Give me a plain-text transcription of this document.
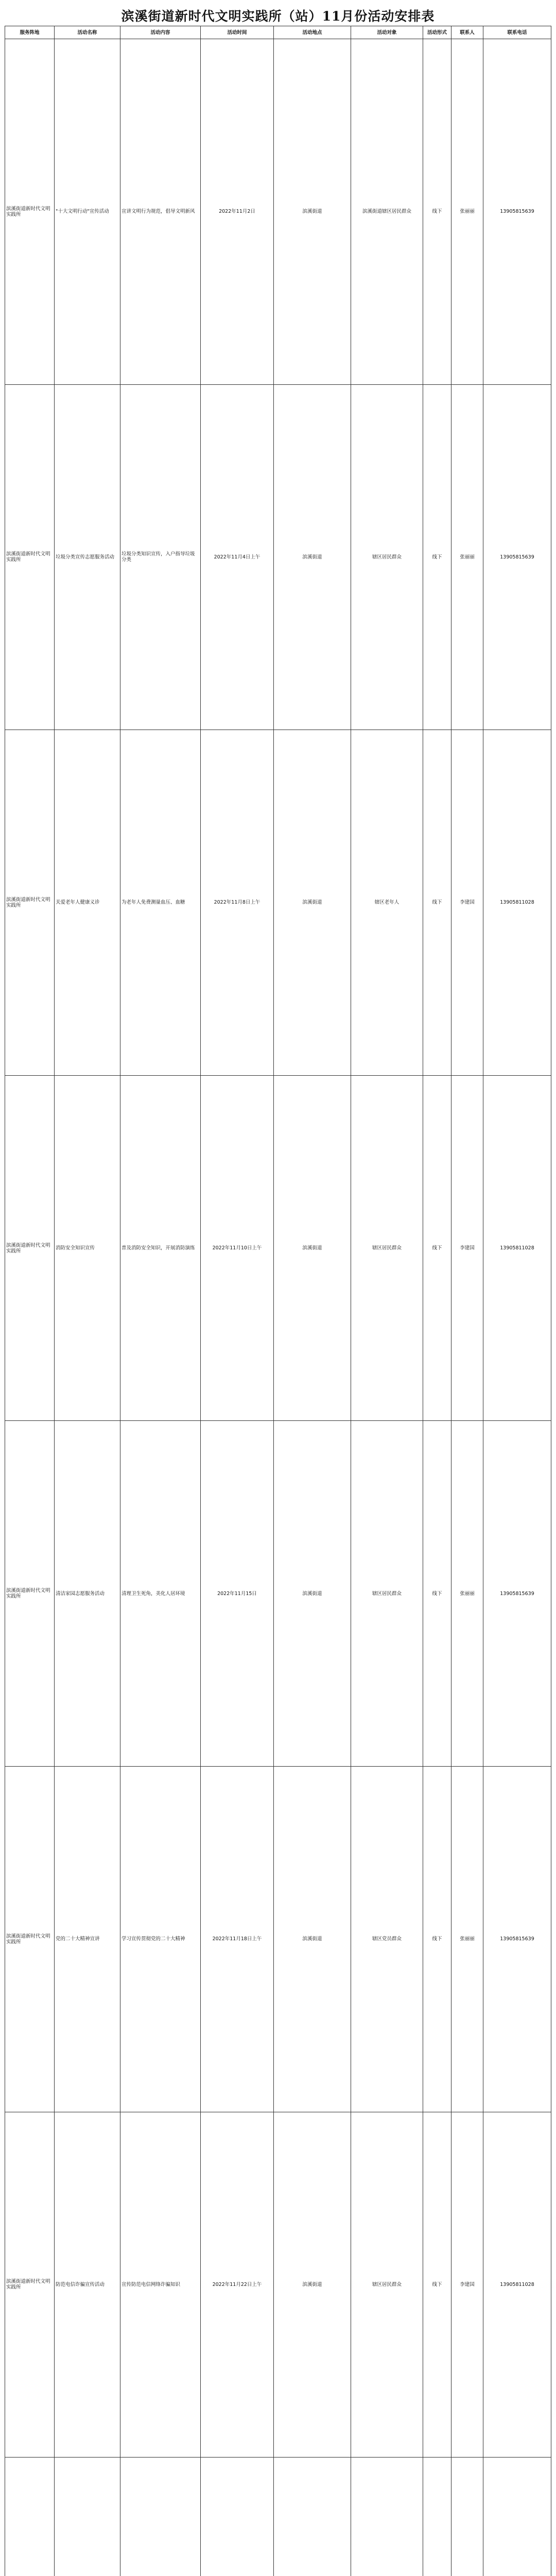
滨溪街道新时代文明实践所（站）11月份活动安排表
服务阵地	活动名称	活动内容	活动时间	活动地点	活动对象	活动形式	联系人	联系电话
滨溪街道新时代文明实践所	"十大文明行动"宣传活动	宣讲文明行为规范，倡导文明新风	2022年11月2日	滨溪街道	滨溪街道辖区居民群众	线下	张丽丽	13905815639
滨溪街道新时代文明实践所	垃圾分类宣传志愿服务活动	垃圾分类知识宣传，入户指导垃圾分类	2022年11月4日上午	滨溪街道	辖区居民群众	线下	张丽丽	13905815639
滨溪街道新时代文明实践所	关爱老年人健康义诊	为老年人免费测量血压、血糖	2022年11月8日上午	滨溪街道	辖区老年人	线下	李建国	13905811028
滨溪街道新时代文明实践所	消防安全知识宣传	普及消防安全知识，开展消防演练	2022年11月10日上午	滨溪街道	辖区居民群众	线下	李建国	13905811028
滨溪街道新时代文明实践所	清洁家园志愿服务活动	清理卫生死角，美化人居环境	2022年11月15日	滨溪街道	辖区居民群众	线下	张丽丽	13905815639
滨溪街道新时代文明实践所	党的二十大精神宣讲	学习宣传贯彻党的二十大精神	2022年11月18日上午	滨溪街道	辖区党员群众	线下	张丽丽	13905815639
滨溪街道新时代文明实践所	防范电信诈骗宣传活动	宣传防范电信网络诈骗知识	2022年11月22日上午	滨溪街道	辖区居民群众	线下	李建国	13905811028
